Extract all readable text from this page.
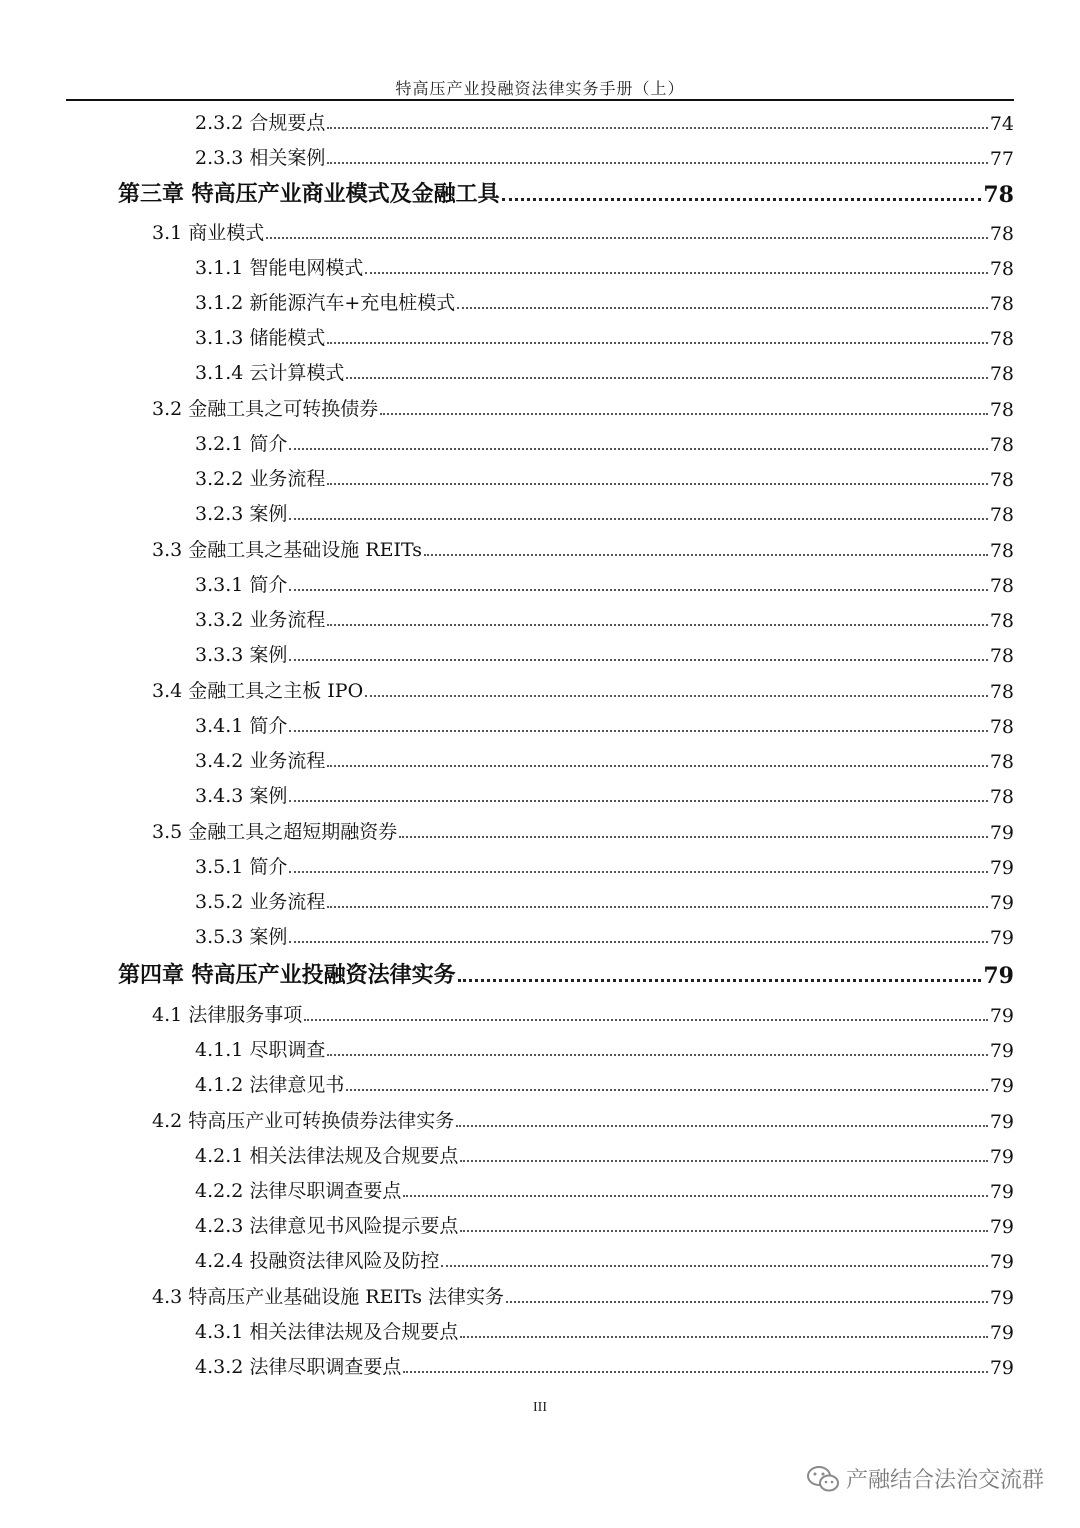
特高压产业投融资法律实务手册（上）
2.3.2 合规要点	74
2.3.3 相关案例	77
第三章 特高压产业商业模式及金融工具	78
3.1 商业模式	78
3.1.1 智能电网模式	78
3.1.2 新能源汽车+充电桩模式	78
3.1.3 储能模式	78
3.1.4 云计算模式	78
3.2 金融工具之可转换债券	78
3.2.1 简介	78
3.2.2 业务流程	78
3.2.3 案例	78
3.3 金融工具之基础设施 REITs	78
3.3.1 简介	78
3.3.2 业务流程	78
3.3.3 案例	78
3.4 金融工具之主板 IPO	78
3.4.1 简介	78
3.4.2 业务流程	78
3.4.3 案例	78
3.5 金融工具之超短期融资券	79
3.5.1 简介	79
3.5.2 业务流程	79
3.5.3 案例	79
第四章 特高压产业投融资法律实务	79
4.1 法律服务事项	79
4.1.1 尽职调查	79
4.1.2 法律意见书	79
4.2 特高压产业可转换债券法律实务	79
4.2.1 相关法律法规及合规要点	79
4.2.2 法律尽职调查要点	79
4.2.3 法律意见书风险提示要点	79
4.2.4 投融资法律风险及防控	79
4.3 特高压产业基础设施 REITs 法律实务	79
4.3.1 相关法律法规及合规要点	79
4.3.2 法律尽职调查要点	79
III
产融结合法治交流群
